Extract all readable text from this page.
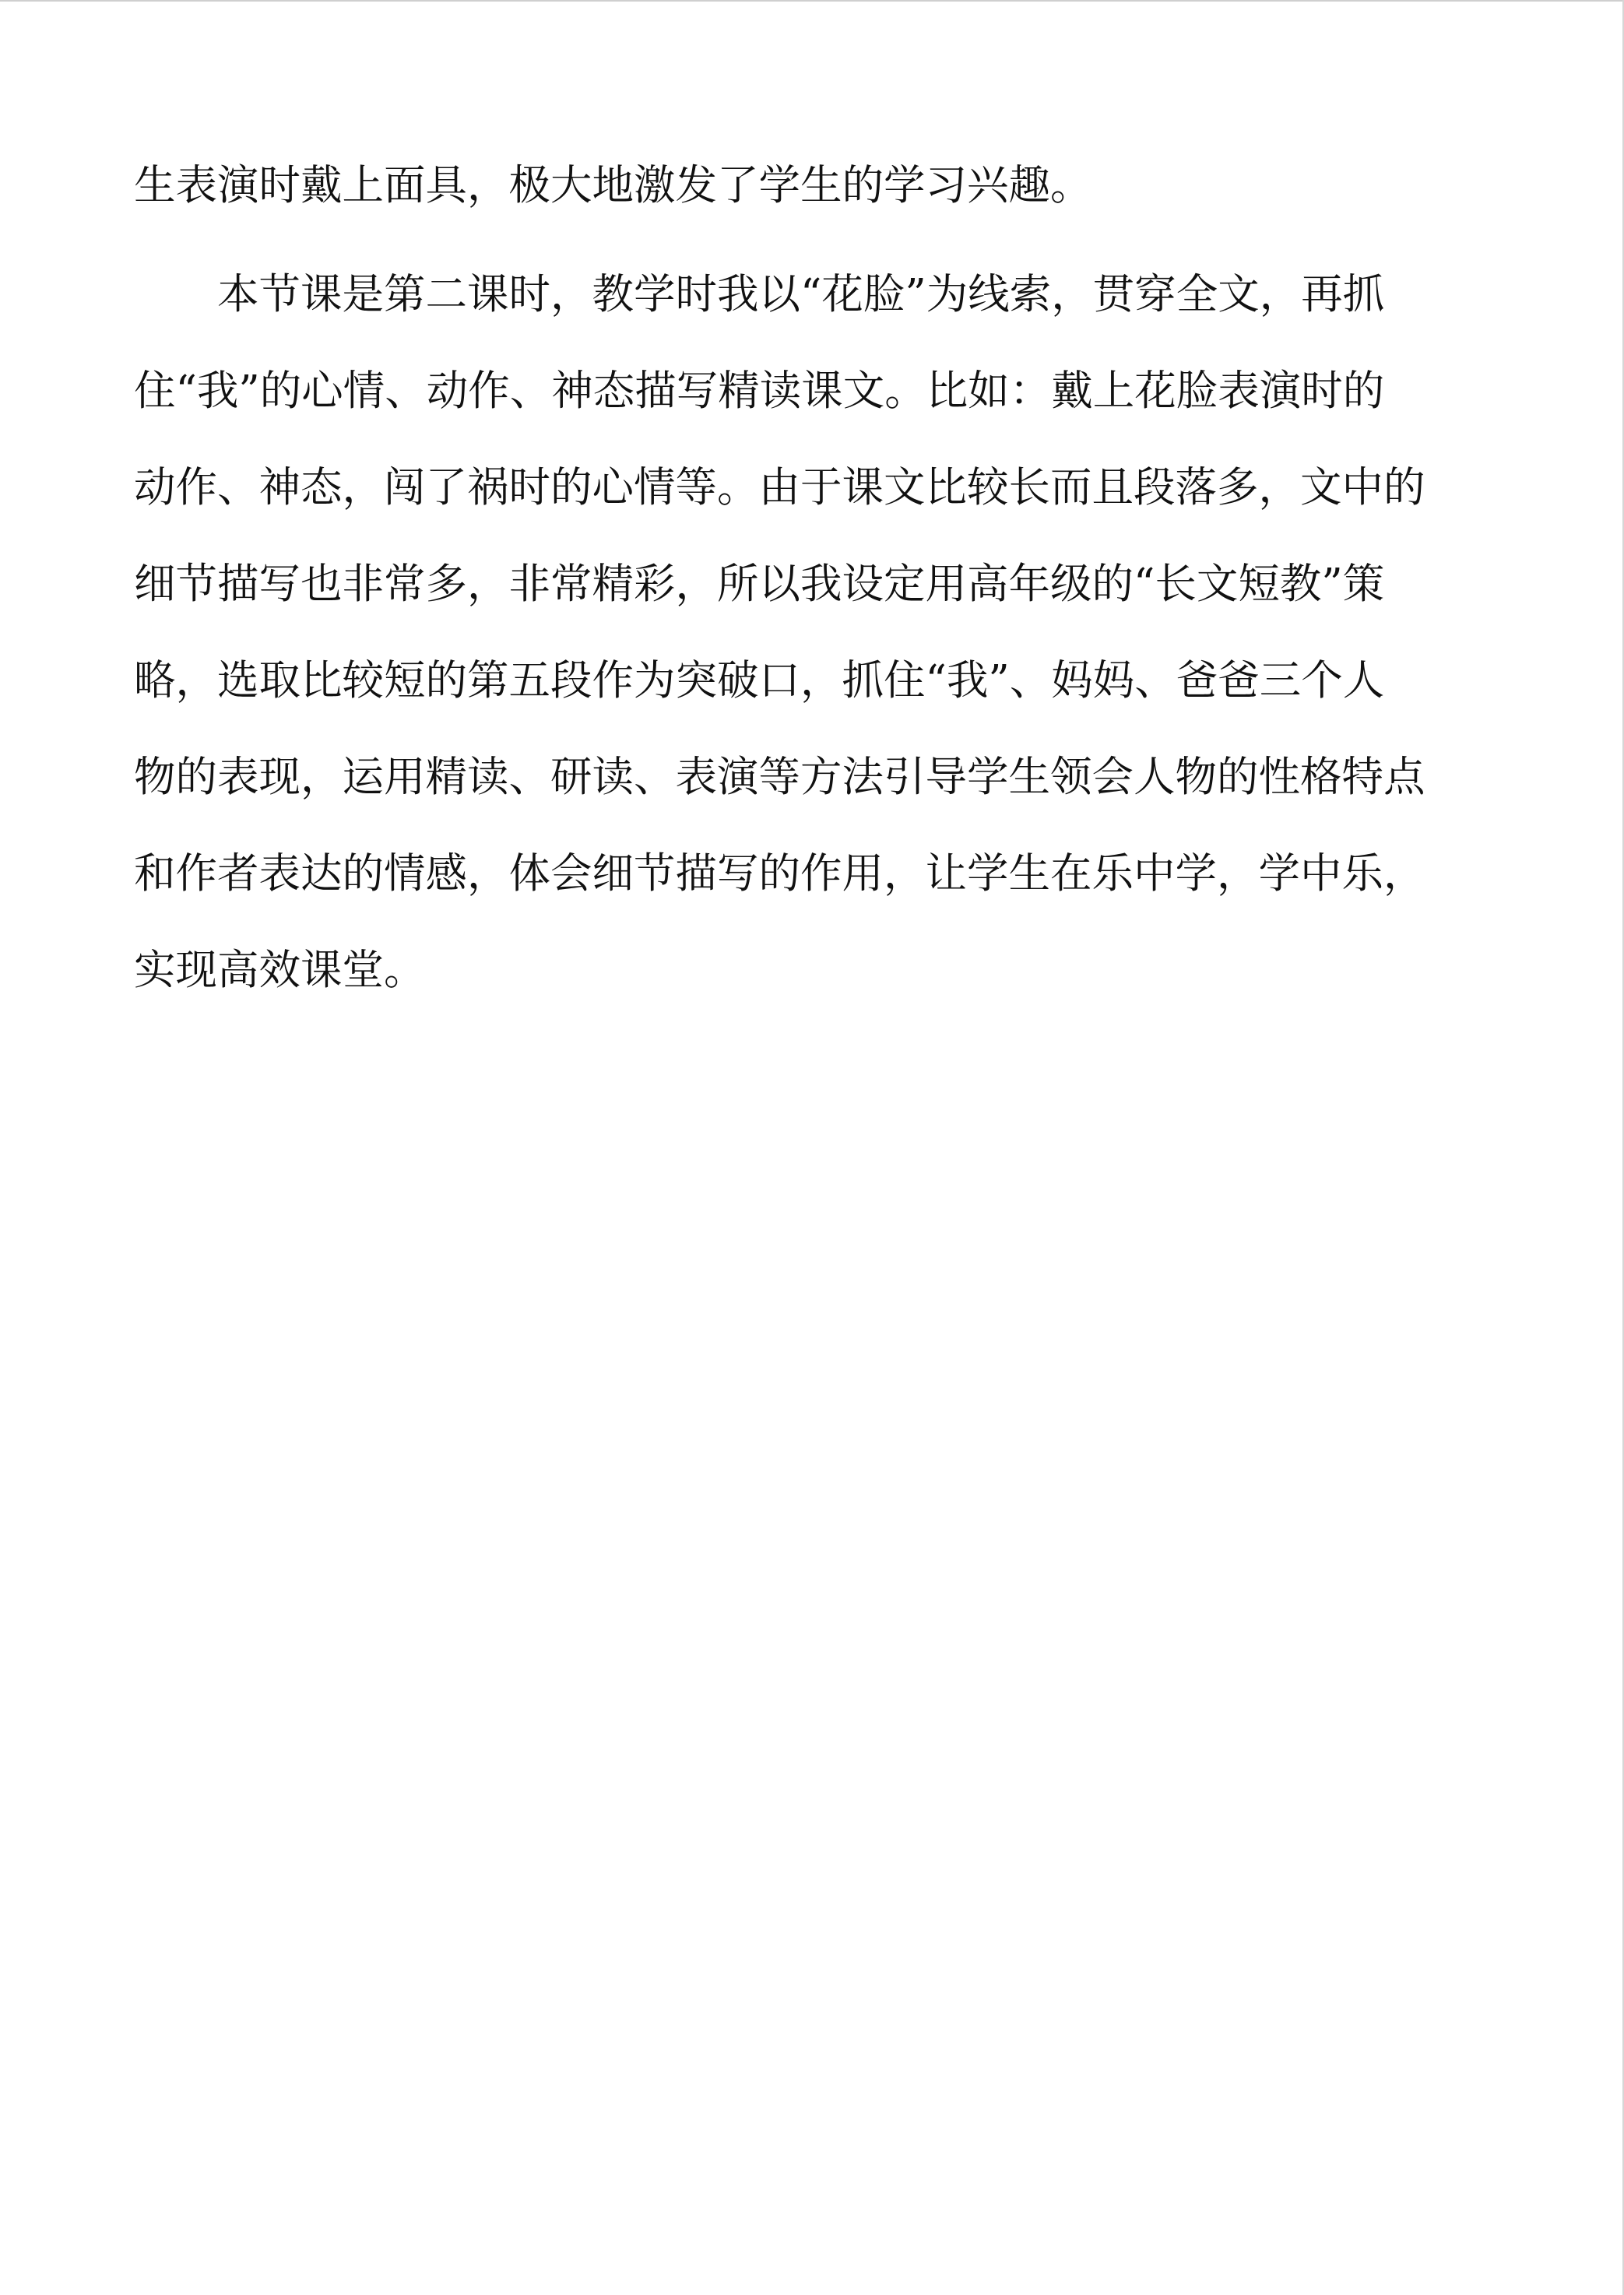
生表演时戴上面具，极大地激发了学生的学习兴趣。
本节课是第二课时，教学时我以“花脸”为线索，贯穿全文，再抓
住“我”的心情、动作、神态描写精读课文。比如：戴上花脸表演时的
动作、神态，闯了祸时的心情等。由于课文比较长而且段落多，文中的
细节描写也非常多，非常精彩，所以我设定用高年级的“长文短教”策
略，选取比较短的第五段作为突破口，抓住“我”、妈妈、爸爸三个人
物的表现，运用精读、研读、表演等方法引导学生领会人物的性格特点
和作者表达的情感，体会细节描写的作用，让学生在乐中学，学中乐，
实现高效课堂。
